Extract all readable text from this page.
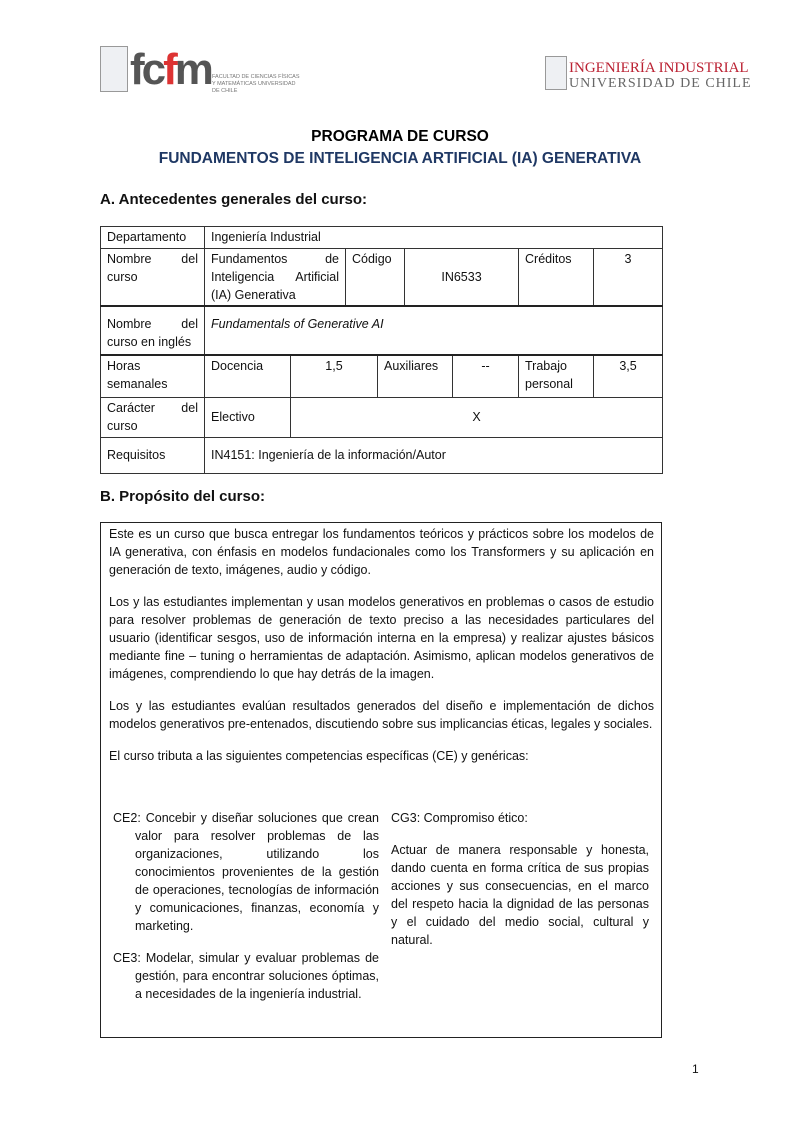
fcfm FACULTAD DE CIENCIAS FÍSICAS Y MATEMÁTICAS UNIVERSIDAD DE CHILE
INGENIERÍA INDUSTRIAL
UNIVERSIDAD DE CHILE
PROGRAMA DE CURSO
FUNDAMENTOS DE INTELIGENCIA ARTIFICIAL (IA) GENERATIVA
A. Antecedentes generales del curso:
Departamento	Ingeniería Industrial							
Nombre del curso	Fundamentos de Inteligencia Artificial (IA) Generativa		Código		IN6533		Créditos	3
Nombre del curso en inglés	Fundamentals of Generative AI							
Horas semanales	Docencia	1,5		Auxiliares		--	Trabajo personal	3,5
Carácter del curso	Electivo	X						
Requisitos	IN4151: Ingeniería de la información/Autor							
B. Propósito del curso:

Este es un curso que busca entregar los fundamentos teóricos y prácticos sobre los modelos de IA generativa, con énfasis en modelos fundacionales como los Transformers y su aplicación en generación de texto, imágenes, audio y código.

Los y las estudiantes implementan y usan modelos generativos en problemas o casos de estudio para resolver problemas de generación de texto preciso a las necesidades particulares del usuario (identificar sesgos, uso de información interna en la empresa) y realizar ajustes básicos mediante fine – tuning o herramientas de adaptación. Asimismo, aplican modelos generativos de imágenes, comprendiendo lo que hay detrás de la imagen.

Los y las estudiantes evalúan resultados generados del diseño e implementación de dichos modelos generativos pre-entenados, discutiendo sobre sus implicancias éticas, legales y sociales.

El curso tributa a las siguientes competencias específicas (CE) y genéricas:

CE2: Concebir y diseñar soluciones que crean valor para resolver problemas de las organizaciones, utilizando los conocimientos provenientes de la gestión de operaciones, tecnologías de información y comunicaciones, finanzas, economía y marketing.
CE3: Modelar, simular y evaluar problemas de gestión, para encontrar soluciones óptimas, a necesidades de la ingeniería industrial.
CG3: Compromiso ético:
Actuar de manera responsable y honesta, dando cuenta en forma crítica de sus propias acciones y sus consecuencias, en el marco del respeto hacia la dignidad de las personas y el cuidado del medio social, cultural y natural.
1
